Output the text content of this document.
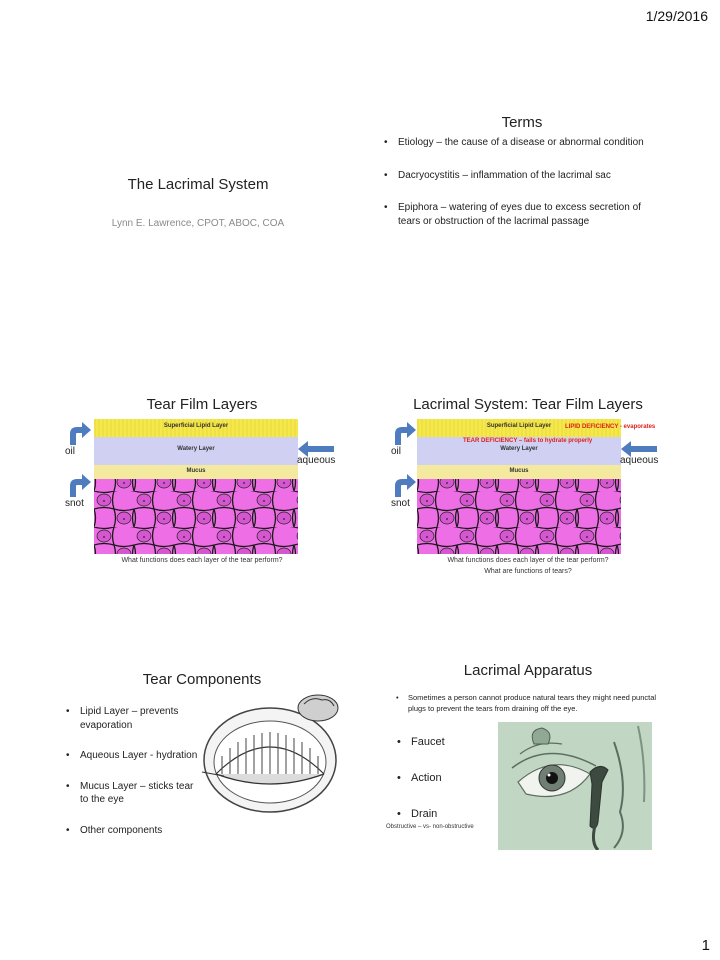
1/29/2016
The Lacrimal System
Lynn E. Lawrence, CPOT, ABOC, COA
Terms
• Etiology – the cause of a disease or abnormal condition
• Dacryocystitis – inflammation of the lacrimal sac
• Epiphora – watering of eyes due to excess secretion of tears or obstruction of the lacrimal passage
Tear Film Layers
Superficial Lipid Layer
Watery Layer
Mucus
oil
aqueous
snot
What functions does each layer of the tear perform?
Lacrimal System: Tear Film Layers
Superficial Lipid Layer
Watery Layer
Mucus
TEAR DEFICIENCY – fails to hydrate properly
LIPID DEFICIENCY - evaporates
oil
aqueous
snot
What functions does each layer of the tear perform?
What are functions of tears?
Tear Components
• Lipid Layer – prevents evaporation
• Aqueous Layer - hydration
• Mucus Layer – sticks tear to the eye
• Other components
Lacrimal Apparatus
• Sometimes a person cannot produce natural tears they might need punctal plugs to prevent the tears from draining off the eye.
• Faucet
• Action
• Drain
Obstructive – vs- non-obstructive
1
